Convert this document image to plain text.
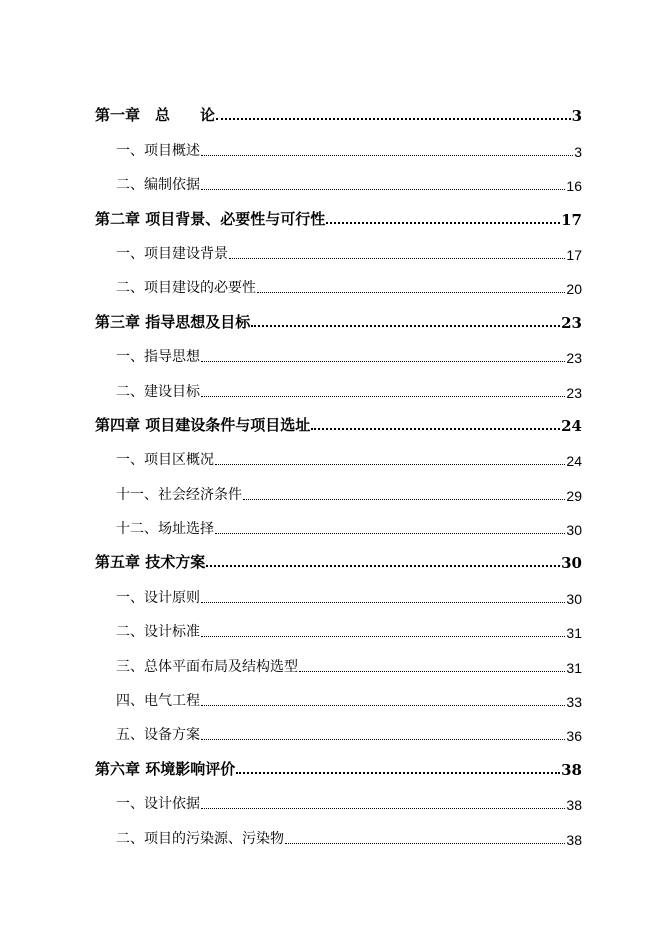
第一章　总　　论	3
一、项目概述	3
二、编制依据	16
第二章 项目背景、必要性与可行性	17
一、项目建设背景	17
二、项目建设的必要性	20
第三章 指导思想及目标	23
一、指导思想	23
二、建设目标	23
第四章 项目建设条件与项目选址	24
一、项目区概况	24
十一、社会经济条件	29
十二、场址选择	30
第五章 技术方案	30
一、设计原则	30
二、设计标准	31
三、总体平面布局及结构选型	31
四、电气工程	33
五、设备方案	36
第六章 环境影响评价	38
一、设计依据	38
二、项目的污染源、污染物	38
